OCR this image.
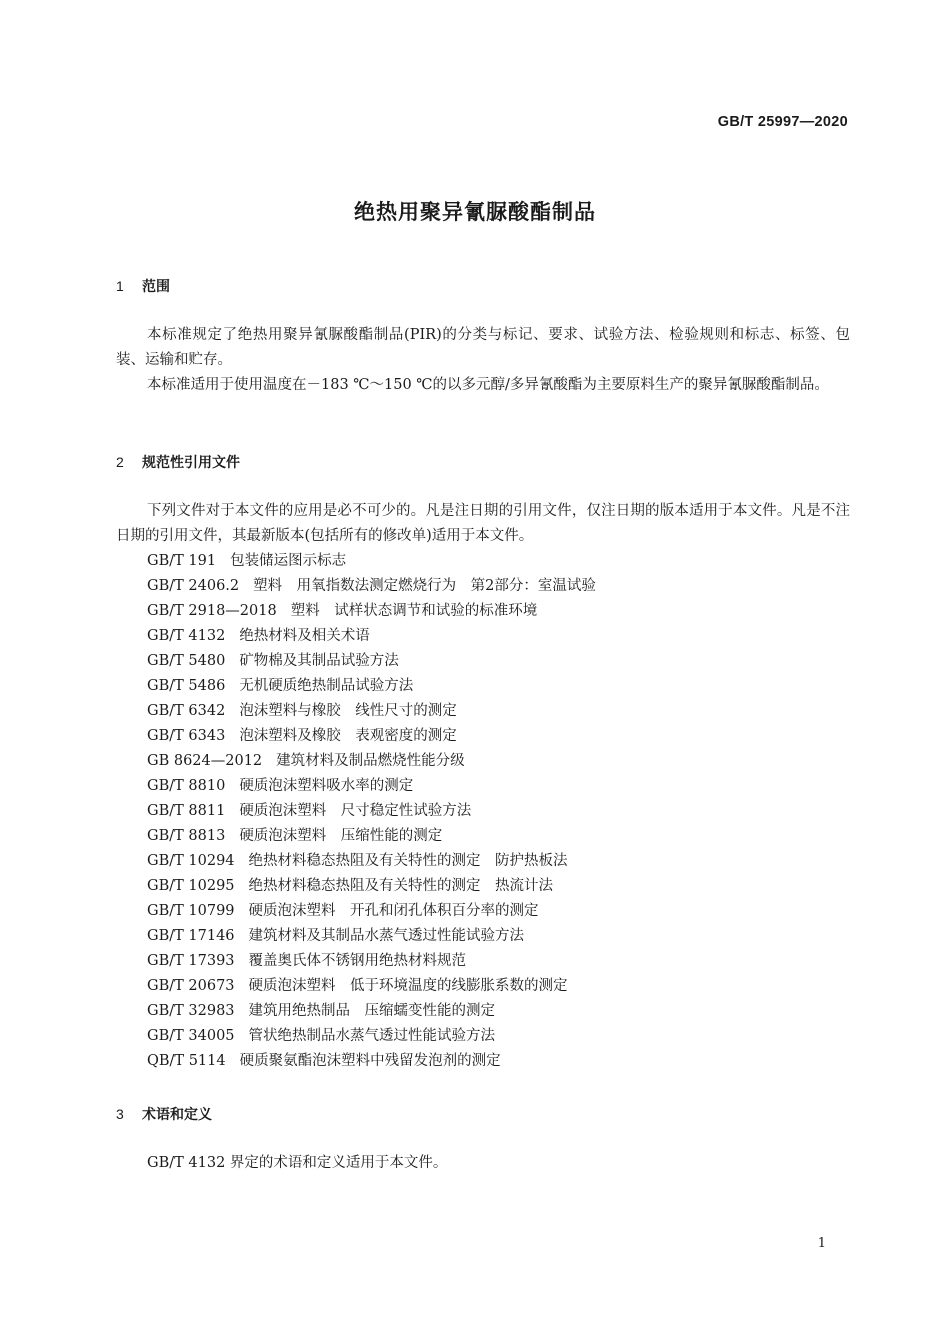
GB/T 25997—2020
绝热用聚异氰脲酸酯制品
1 范围

本标准规定了绝热用聚异氰脲酸酯制品(PIR)的分类与标记、要求、试验方法、检验规则和标志、标签、包装、运输和贮存。

本标准适用于使用温度在－183 ℃～150 ℃的以多元醇/多异氰酸酯为主要原料生产的聚异氰脲酸酯制品。

2 规范性引用文件

下列文件对于本文件的应用是必不可少的。凡是注日期的引用文件，仅注日期的版本适用于本文件。凡是不注日期的引用文件，其最新版本(包括所有的修改单)适用于本文件。

GB/T 191 包装储运图示标志
GB/T 2406.2 塑料　用氧指数法测定燃烧行为　第2部分：室温试验
GB/T 2918—2018 塑料　试样状态调节和试验的标准环境
GB/T 4132 绝热材料及相关术语
GB/T 5480 矿物棉及其制品试验方法
GB/T 5486 无机硬质绝热制品试验方法
GB/T 6342 泡沫塑料与橡胶　线性尺寸的测定
GB/T 6343 泡沫塑料及橡胶　表观密度的测定
GB 8624—2012 建筑材料及制品燃烧性能分级
GB/T 8810 硬质泡沫塑料吸水率的测定
GB/T 8811 硬质泡沫塑料　尺寸稳定性试验方法
GB/T 8813 硬质泡沫塑料　压缩性能的测定
GB/T 10294 绝热材料稳态热阻及有关特性的测定　防护热板法
GB/T 10295 绝热材料稳态热阻及有关特性的测定　热流计法
GB/T 10799 硬质泡沫塑料　开孔和闭孔体积百分率的测定
GB/T 17146 建筑材料及其制品水蒸气透过性能试验方法
GB/T 17393 覆盖奥氏体不锈钢用绝热材料规范
GB/T 20673 硬质泡沫塑料　低于环境温度的线膨胀系数的测定
GB/T 32983 建筑用绝热制品　压缩蠕变性能的测定
GB/T 34005 管状绝热制品水蒸气透过性能试验方法
QB/T 5114 硬质聚氨酯泡沫塑料中残留发泡剂的测定
3 术语和定义

GB/T 4132 界定的术语和定义适用于本文件。

1
